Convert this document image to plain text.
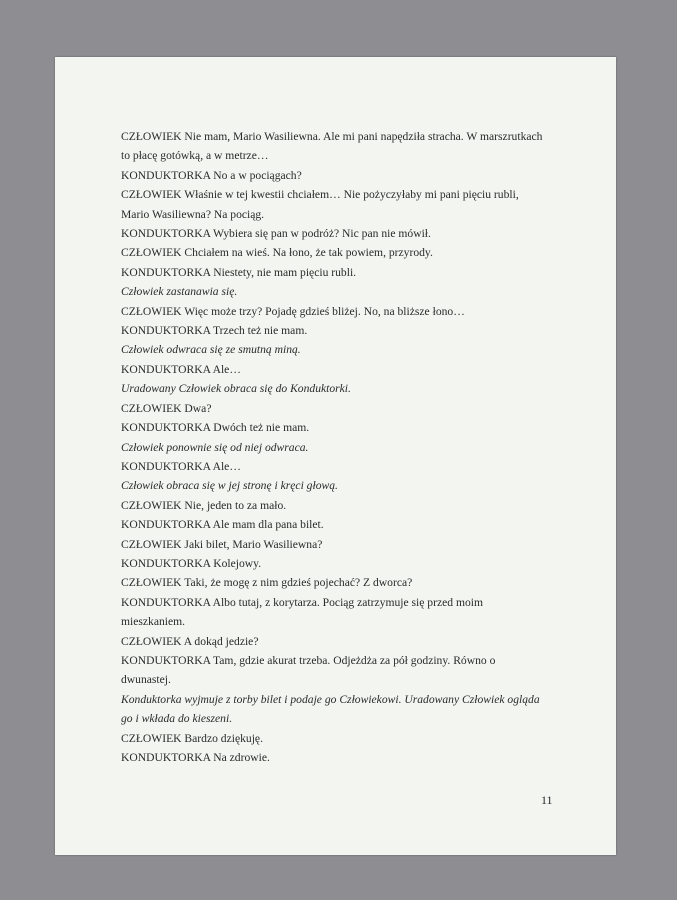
CZŁOWIEK Nie mam, Mario Wasiliewna. Ale mi pani napędziła stracha. W marszrutkach
to płacę gotówką, a w metrze…
KONDUKTORKA No a w pociągach?
CZŁOWIEK Właśnie w tej kwestii chciałem… Nie pożyczyłaby mi pani pięciu rubli,
Mario Wasiliewna? Na pociąg.
KONDUKTORKA Wybiera się pan w podróż? Nic pan nie mówił.
CZŁOWIEK Chciałem na wieś. Na łono, że tak powiem, przyrody.
KONDUKTORKA Niestety, nie mam pięciu rubli.
Człowiek zastanawia się.
CZŁOWIEK Więc może trzy? Pojadę gdzieś bliżej. No, na bliższe łono…
KONDUKTORKA Trzech też nie mam.
Człowiek odwraca się ze smutną miną.
KONDUKTORKA Ale…
Uradowany Człowiek obraca się do Konduktorki.
CZŁOWIEK Dwa?
KONDUKTORKA Dwóch też nie mam.
Człowiek ponownie się od niej odwraca.
KONDUKTORKA Ale…
Człowiek obraca się w jej stronę i kręci głową.
CZŁOWIEK Nie, jeden to za mało.
KONDUKTORKA Ale mam dla pana bilet.
CZŁOWIEK Jaki bilet, Mario Wasiliewna?
KONDUKTORKA Kolejowy.
CZŁOWIEK Taki, że mogę z nim gdzieś pojechać? Z dworca?
KONDUKTORKA Albo tutaj, z korytarza. Pociąg zatrzymuje się przed moim
mieszkaniem.
CZŁOWIEK A dokąd jedzie?
KONDUKTORKA Tam, gdzie akurat trzeba. Odjeżdża za pół godziny. Równo o
dwunastej.
Konduktorka wyjmuje z torby bilet i podaje go Człowiekowi. Uradowany Człowiek ogląda
go i wkłada do kieszeni.
CZŁOWIEK Bardzo dziękuję.
KONDUKTORKA Na zdrowie.
11
